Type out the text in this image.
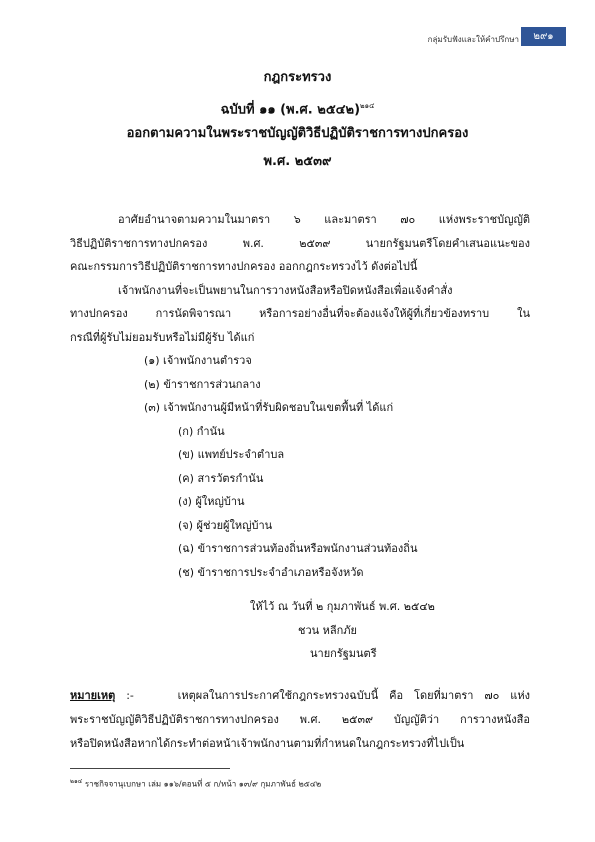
กลุ่มรับฟังและให้คำปรึกษา	๒๙๑
กฎกระทรวง
ฉบับที่ ๑๑ (พ.ศ. ๒๕๔๒)$^{๒๑๔}$
ออกตามความในพระราชบัญญัติวิธีปฏิบัติราชการทางปกครอง
พ.ศ. ๒๕๓๙
อาศัยอำนาจตามความในมาตรา ๖ และมาตรา ๗๐ แห่งพระราชบัญญัติ
วิธีปฏิบัติราชการทางปกครอง พ.ศ. ๒๕๓๙ นายกรัฐมนตรีโดยคำเสนอแนะของ
คณะกรรมการวิธีปฏิบัติราชการทางปกครอง ออกกฎกระทรวงไว้ ดังต่อไปนี้
เจ้าพนักงานที่จะเป็นพยานในการวางหนังสือหรือปิดหนังสือเพื่อแจ้งคำสั่ง
ทางปกครอง การนัดพิจารณา หรือการอย่างอื่นที่จะต้องแจ้งให้ผู้ที่เกี่ยวข้องทราบ ใน
กรณีที่ผู้รับไม่ยอมรับหรือไม่มีผู้รับ ได้แก่
(๑) เจ้าพนักงานตำรวจ
(๒) ข้าราชการส่วนกลาง
(๓) เจ้าพนักงานผู้มีหน้าที่รับผิดชอบในเขตพื้นที่ ได้แก่
(ก) กำนัน
(ข) แพทย์ประจำตำบล
(ค) สารวัตรกำนัน
(ง) ผู้ใหญ่บ้าน
(จ) ผู้ช่วยผู้ใหญ่บ้าน
(ฉ) ข้าราชการส่วนท้องถิ่นหรือพนักงานส่วนท้องถิ่น
(ช) ข้าราชการประจำอำเภอหรือจังหวัด
ให้ไว้ ณ วันที่ ๒ กุมภาพันธ์ พ.ศ. ๒๕๔๒
ชวน หลีกภัย
นายกรัฐมนตรี
หมายเหตุ :-	เหตุผลในการประกาศใช้กฎกระทรวงฉบับนี้ คือ โดยที่มาตรา ๗๐ แห่ง
พระราชบัญญัติวิธีปฏิบัติราชการทางปกครอง พ.ศ. ๒๕๓๙ บัญญัติว่า การวางหนังสือ
หรือปิดหนังสือหากได้กระทำต่อหน้าเจ้าพนักงานตามที่กำหนดในกฎกระทรวงที่ไปเป็น
$^{๒๑๔}$ ราชกิจจานุเบกษา เล่ม ๑๑๖/ตอนที่ ๕ ก/หน้า ๑๓/๙ กุมภาพันธ์ ๒๕๔๒
